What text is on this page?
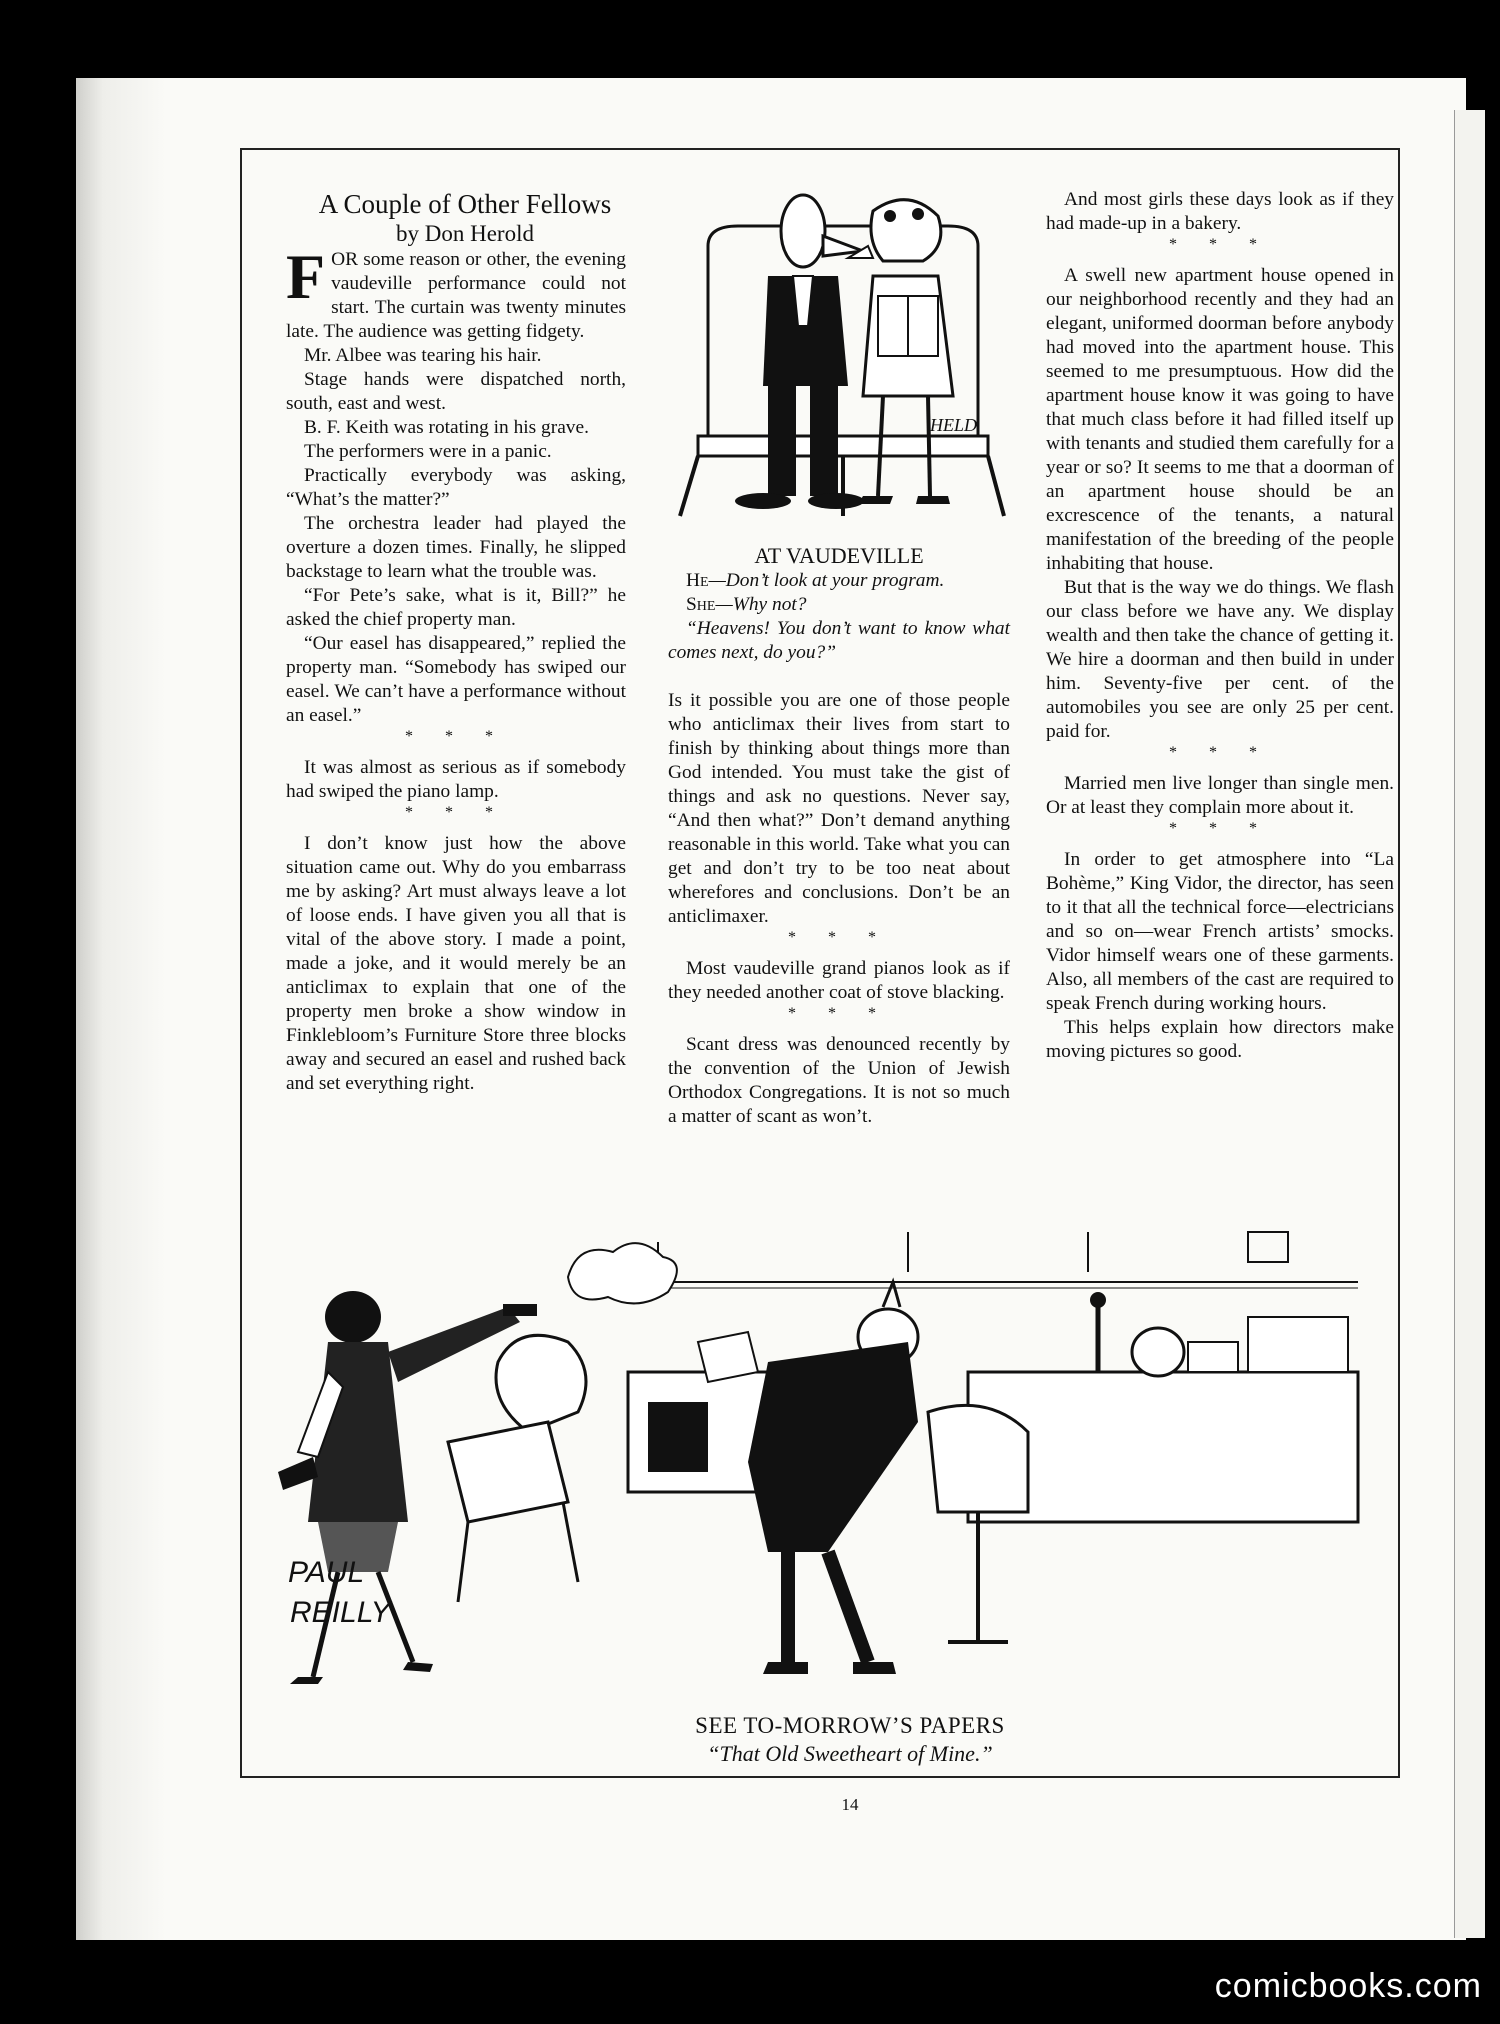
A Couple of Other Fellows

by Don Herold

FOR some reason or other, the evening vaudeville performance could not start. The curtain was twenty minutes late. The audience was getting fidgety.

Mr. Albee was tearing his hair.

Stage hands were dispatched north, south, east and west.

B. F. Keith was rotating in his grave.

The performers were in a panic.

Practically everybody was asking, “What’s the matter?”

The orchestra leader had played the overture a dozen times. Finally, he slipped backstage to learn what the trouble was.

“For Pete’s sake, what is it, Bill?” he asked the chief property man.

“Our easel has disappeared,” replied the property man. “Somebody has swiped our easel. We can’t have a performance without an easel.”

* * *

It was almost as serious as if somebody had swiped the piano lamp.

* * *

I don’t know just how the above situation came out. Why do you embarrass me by asking? Art must always leave a lot of loose ends. I have given you all that is vital of the above story. I made a point, made a joke, and it would merely be an anticlimax to explain that one of the property men broke a show window in Finklebloom’s Furniture Store three blocks away and secured an easel and rushed back and set everything right.

HELD

AT VAUDEVILLE

He—Don’t look at your program.

She—Why not?

“Heavens! You don’t want to know what comes next, do you?”

Is it possible you are one of those people who anticlimax their lives from start to finish by thinking about things more than God intended. You must take the gist of things and ask no questions. Never say, “And then what?” Don’t demand anything reasonable in this world. Take what you can get and don’t try to be too neat about wherefores and conclusions. Don’t be an anticlimaxer.

* * *

Most vaudeville grand pianos look as if they needed another coat of stove blacking.

* * *

Scant dress was denounced recently by the convention of the Union of Jewish Orthodox Congregations. It is not so much a matter of scant as won’t.

And most girls these days look as if they had made-up in a bakery.

* * *

A swell new apartment house opened in our neighborhood recently and they had an elegant, uniformed doorman before anybody had moved into the apartment house. This seemed to me presumptuous. How did the apartment house know it was going to have that much class before it had filled itself up with tenants and studied them carefully for a year or so? It seems to me that a doorman of an apartment house should be an excrescence of the tenants, a natural manifestation of the breeding of the people inhabiting that house.

But that is the way we do things. We flash our class before we have any. We display wealth and then take the chance of getting it. We hire a doorman and then build in under him. Seventy-five per cent. of the automobiles you see are only 25 per cent. paid for.

* * *

Married men live longer than single men. Or at least they complain more about it.

* * *

In order to get atmosphere into “La Bohème,” King Vidor, the director, has seen to it that all the technical force—electricians and so on—wear French artists’ smocks. Vidor himself wears one of these garments. Also, all members of the cast are required to speak French during working hours.

This helps explain how directors make moving pictures so good.

PAUL
REILLY
SEE TO-MORROW’S PAPERS
“That Old Sweetheart of Mine.”
14
comicbooks.com
